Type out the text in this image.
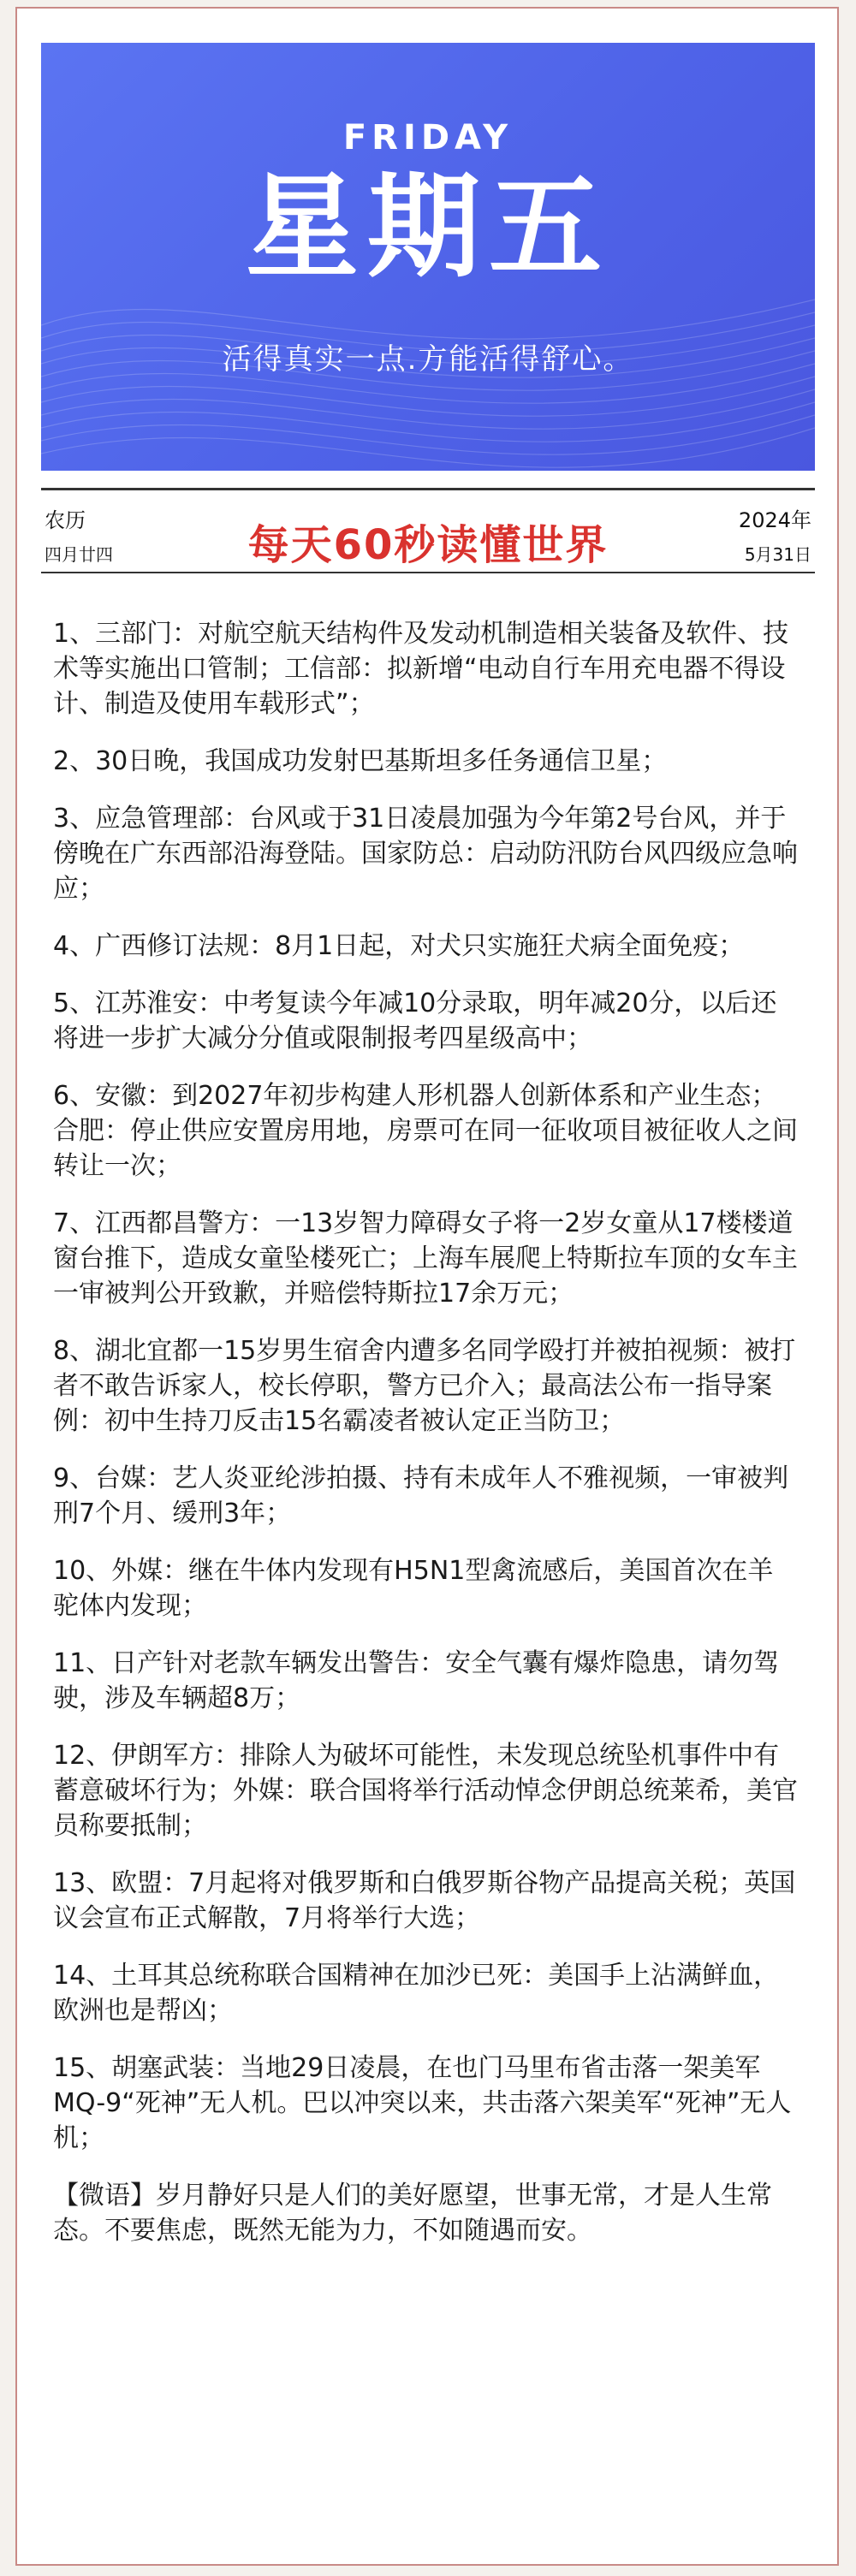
FRIDAY
星期五
活得真实一点.方能活得舒心。
农历
四月廿四	每天60秒读懂世界
2024年
5月31日

1、三部门：对航空航天结构件及发动机制造相关装备及软件、技术等实施出口管制；工信部：拟新增“电动自行车用充电器不得设计、制造及使用车载形式”；

2、30日晚，我国成功发射巴基斯坦多任务通信卫星；

3、应急管理部：台风或于31日凌晨加强为今年第2号台风，并于傍晚在广东西部沿海登陆。国家防总：启动防汛防台风四级应急响应；

4、广西修订法规：8月1日起，对犬只实施狂犬病全面免疫；

5、江苏淮安：中考复读今年减10分录取，明年减20分，以后还将进一步扩大减分分值或限制报考四星级高中；

6、安徽：到2027年初步构建人形机器人创新体系和产业生态；合肥：停止供应安置房用地，房票可在同一征收项目被征收人之间转让一次；

7、江西都昌警方：一13岁智力障碍女子将一2岁女童从17楼楼道窗台推下，造成女童坠楼死亡；上海车展爬上特斯拉车顶的女车主一审被判公开致歉，并赔偿特斯拉17余万元；

8、湖北宜都一15岁男生宿舍内遭多名同学殴打并被拍视频：被打者不敢告诉家人，校长停职，警方已介入；最高法公布一指导案例：初中生持刀反击15名霸凌者被认定正当防卫；

9、台媒：艺人炎亚纶涉拍摄、持有未成年人不雅视频，一审被判刑7个月、缓刑3年；

10、外媒：继在牛体内发现有H5N1型禽流感后，美国首次在羊驼体内发现；

11、日产针对老款车辆发出警告：安全气囊有爆炸隐患，请勿驾驶，涉及车辆超8万；

12、伊朗军方：排除人为破坏可能性，未发现总统坠机事件中有蓄意破坏行为；外媒：联合国将举行活动悼念伊朗总统莱希，美官员称要抵制；

13、欧盟：7月起将对俄罗斯和白俄罗斯谷物产品提高关税；英国议会宣布正式解散，7月将举行大选；

14、土耳其总统称联合国精神在加沙已死：美国手上沾满鲜血，欧洲也是帮凶；

15、胡塞武装：当地29日凌晨，在也门马里布省击落一架美军MQ-9“死神”无人机。巴以冲突以来，共击落六架美军“死神”无人机；

【微语】岁月静好只是人们的美好愿望，世事无常，才是人生常态。不要焦虑，既然无能为力，不如随遇而安。
